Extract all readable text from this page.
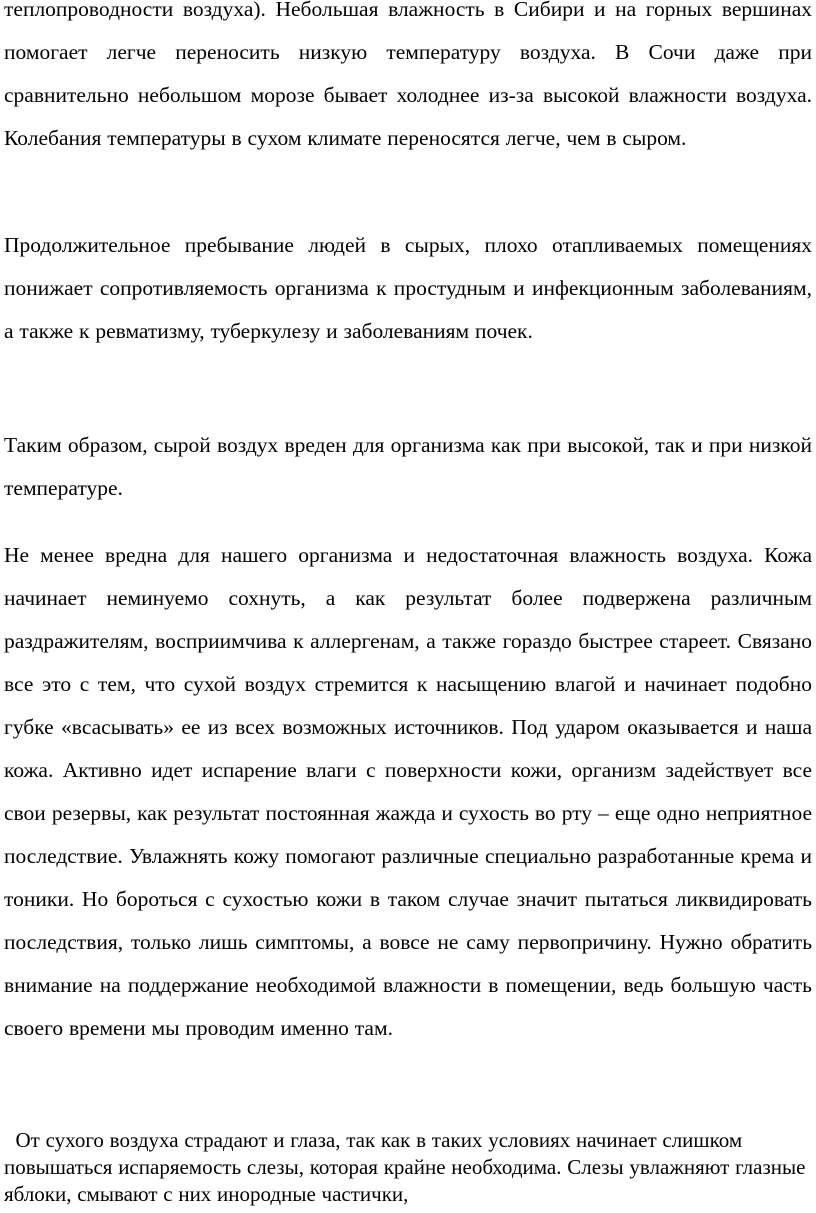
теплопроводности воздуха). Небольшая влажность в Сибири и на горных вершинах помогает легче переносить низкую температуру воздуха. В Сочи даже при сравнительно небольшом морозе бывает холоднее из-за высокой влажности воздуха. Колебания температуры в сухом климате переносятся легче, чем в сыром.

Продолжительное пребывание людей в сырых, плохо отапливаемых помещениях понижает сопротивляемость организма к простудным и инфекционным заболеваниям, а также к ревматизму, туберкулезу и заболеваниям почек.

Таким образом, сырой воздух вреден для организма как при высокой, так и при низкой температуре.

Не менее вредна для нашего организма и недостаточная влажность воздуха. Кожа начинает неминуемо сохнуть, а как результат более подвержена различным раздражителям, восприимчива к аллергенам, а также гораздо быстрее стареет. Связано все это с тем, что сухой воздух стремится к насыщению влагой и начинает подобно губке «всасывать» ее из всех возможных источников. Под ударом оказывается и наша кожа. Активно идет испарение влаги с поверхности кожи, организм задействует все свои резервы, как результат постоянная жажда и сухость во рту – еще одно неприятное последствие. Увлажнять кожу помогают различные специально разработанные крема и тоники. Но бороться с сухостью кожи в таком случае значит пытаться ликвидировать последствия, только лишь симптомы, а вовсе не саму первопричину. Нужно обратить внимание на поддержание необходимой влажности в помещении, ведь большую часть своего времени мы проводим именно там.

От сухого воздуха страдают и глаза, так как в таких условиях начинает слишком повышаться испаряемость слезы, которая крайне необходима. Слезы увлажняют глазные яблоки, смывают с них инородные частички,
